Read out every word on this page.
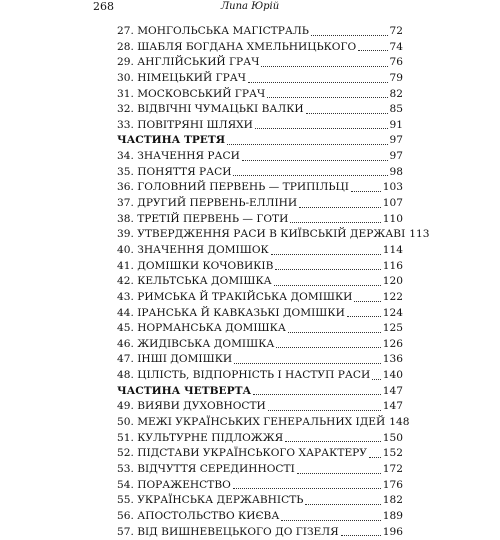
268	Липа Юрій
27. МОНГОЛЬСЬКА МАГІСТРАЛЬ	72
28. ШАБЛЯ БОГДАНА ХМЕЛЬНИЦЬКОГО	74
29. АНГЛІЙСЬКИЙ ГРАЧ	76
30. НІМЕЦЬКИЙ ГРАЧ	79
31. МОСКОВСЬКИЙ ГРАЧ	82
32. ВІДВІЧНІ ЧУМАЦЬКІ ВАЛКИ	85
33. ПОВІТРЯНІ ШЛЯХИ	91
ЧАСТИНА ТРЕТЯ	97
34. ЗНАЧЕННЯ РАСИ	97
35. ПОНЯТТЯ РАСИ	98
36. ГОЛОВНИЙ ПЕРВЕНЬ — ТРИПІЛЬЦІ	103
37. ДРУГИЙ ПЕРВЕНЬ-ЕЛЛІНИ	107
38. ТРЕТІЙ ПЕРВЕНЬ — ГОТИ	110
39. УТВЕРДЖЕННЯ РАСИ В КИЇВСЬКІЙ ДЕРЖАВІ 113
40. ЗНАЧЕННЯ ДОМІШОК	114
41. ДОМІШКИ КОЧОВИКІВ	116
42. КЕЛЬТСЬКА ДОМІШКА	120
43. РИМСЬКА Й ТРАКІЙСЬКА ДОМІШКИ	122
44. ІРАНСЬКА Й КАВКАЗЬКІ ДОМІШКИ	124
45. НОРМАНСЬКА ДОМІШКА	125
46. ЖИДІВСЬКА ДОМІШКА	126
47. ІНШІ ДОМІШКИ	136
48. ЦІЛІСТЬ, ВІДПОРНІСТЬ І НАСТУП РАСИ 140
ЧАСТИНА ЧЕТВЕРТА	147
49. ВИЯВИ ДУХОВНОСТИ	147
50. МЕЖІ УКРАЇНСЬКИХ ГЕНЕРАЛЬНИХ ІДЕЙ 148
51. КУЛЬТУРНЕ ПІДЛОЖЖЯ	150
52. ПІДСТАВИ УКРАЇНСЬКОГО ХАРАКТЕРУ 152
53. ВІДЧУТТЯ СЕРЕДИННОСТІ	172
54. ПОРАЖЕНСТВО	176
55. УКРАЇНСЬКА ДЕРЖАВНІСТЬ	182
56. АПОСТОЛЬСТВО КИЄВА	189
57. ВІД ВИШНЕВЕЦЬКОГО ДО ГІЗЕЛЯ	196
